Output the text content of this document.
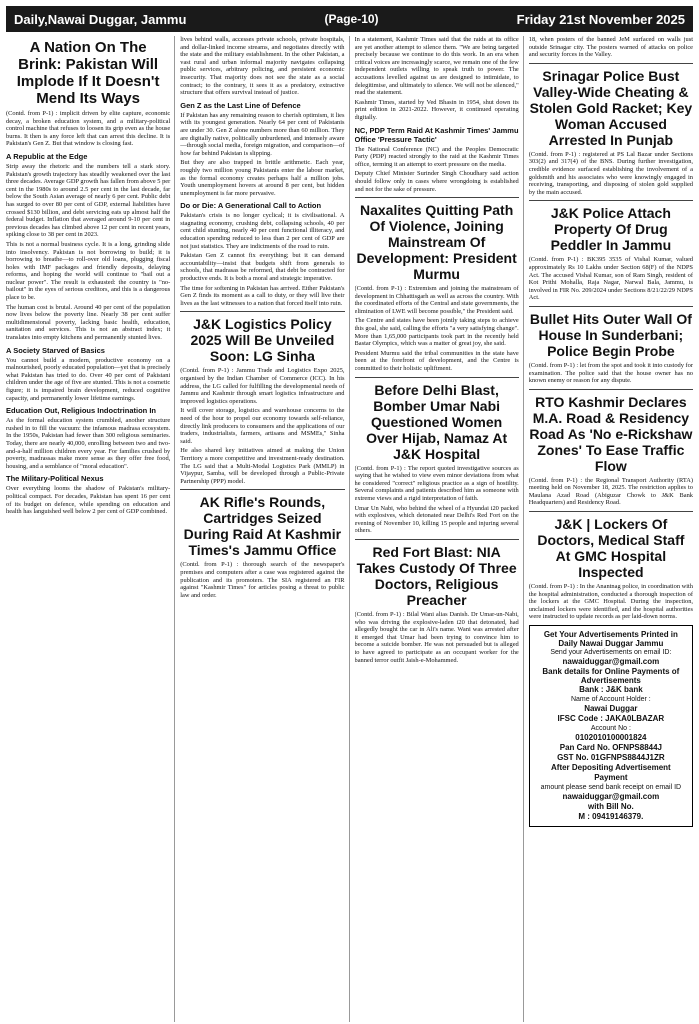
Daily,Nawai Duggar, Jammu	(Page-10)	Friday 21st November 2025
A Nation On The Brink: Pakistan Will Implode If It Doesn't Mend Its Ways

(Contd. from P-1) : implicit driven by elite capture, economic decay, a broken education system, and a military-political control machine that refuses to loosen its grip even as the house burns. It then is any force left that can arrest this decline. It is Pakistan's Gen Z. But that window is closing fast.

A Republic at the Edge

Strip away the rhetoric and the numbers tell a stark story. Pakistan's growth trajectory has steadily weakened over the last three decades. Average GDP growth has fallen from above 5 per cent in the 1980s to around 2.5 per cent in the last decade, far below the South Asian average of nearly 6 per cent. Public debt has surged to over 80 per cent of GDP, external liabilities have crossed $130 billion, and debt servicing eats up almost half the federal budget. Inflation that averaged around 9-10 per cent in previous decades has climbed above 12 per cent in recent years, spiking close to 38 per cent in 2023.

This is not a normal business cycle. It is a long, grinding slide into insolvency. Pakistan is not borrowing to build; it is borrowing to breathe—to roll-over old loans, plugging fiscal holes with IMF packages and friendly deposits, delaying reforms, and hoping the world will continue to "bail out a nuclear power". The result is exhausted: the country is "no-bailout" in the eyes of serious creditors, and this is a dangerous place to be.

The human cost is brutal. Around 40 per cent of the population now lives below the poverty line. Nearly 38 per cent suffer multidimensional poverty, lacking basic health, education, sanitation and services. This is not an abstract index; it translates into empty kitchens and permanently stunted lives.

A Society Starved of Basics

You cannot build a modern, productive economy on a malnourished, poorly educated population—yet that is precisely what Pakistan has tried to do. Over 40 per cent of Pakistani children under the age of five are stunted. This is not a cosmetic figure; it is impaired brain development, reduced cognitive capacity, and permanently lower lifetime earnings.

Education Out, Religious Indoctrination In

As the formal education system crumbled, another structure rushed in to fill the vacuum: the infamous madrasa ecosystem. In the 1950s, Pakistan had fewer than 300 religious seminaries. Today, there are nearly 40,000, enrolling between two and two-and-a-half million children every year. For families crushed by poverty, madrassas make more sense as they offer free food, housing, and a semblance of "moral education".

The Military-Political Nexus

Over everything looms the shadow of Pakistan's military-political compact. For decades, Pakistan has spent 16 per cent of its budget on defence, while spending on education and health has languished well below 2 per cent of GDP combined.

lives behind walls, accesses private schools, private hospitals, and dollar-linked income streams, and negotiates directly with the state and the military establishment. In the other Pakistan, a vast rural and urban informal majority navigates collapsing public services, arbitrary policing, and persistent economic insecurity. That majority does not see the state as a social contract; to the contrary, it sees it as a predatory, extractive structure that offers survival instead of justice.

Gen Z as the Last Line of Defence

If Pakistan has any remaining reason to cherish optimism, it lies with its youngest generation. Nearly 64 per cent of Pakistanis are under 30. Gen Z alone numbers more than 60 million. They are digitally native, politically unburdened, and intensely aware—through social media, foreign migration, and comparison—of how far behind Pakistan is slipping.

But they are also trapped in brittle arithmetic. Each year, roughly two million young Pakistanis enter the labour market, as the formal economy creates perhaps half a million jobs. Youth unemployment hovers at around 8 per cent, but hidden unemployment is far more pervasive.

Do or Die: A Generational Call to Action

Pakistan's crisis is no longer cyclical; it is civilisational. A stagnating economy, crushing debt, collapsing schools, 40 per cent child stunting, nearly 40 per cent functional illiteracy, and education spending reduced to less than 2 per cent of GDP are not just statistics. They are indictments of the road to ruin.

Pakistan Gen Z cannot fix everything; but it can demand accountability—insist that budgets shift from generals to schools, that madrasas be reformed, that debt be contracted for productive ends. It is both a moral and strategic imperative.

The time for softening in Pakistan has arrived. Either Pakistan's Gen Z finds its moment as a call to duty, or they will live their lives as the last witnesses to a nation that forced itself into ruin.

J&K Logistics Policy 2025 Will Be Unveiled Soon: LG Sinha

(Contd. from P-1) : Jammu Trade and Logistics Expo 2025, organised by the Indian Chamber of Commerce (ICC). In his address, the LG called for fulfilling the developmental needs of Jammu and Kashmir through smart logistics infrastructure and improved logistics operations.

It will cover storage, logistics and warehouse concerns to the need of the hour to propel our economy towards self-reliance, directly link producers to consumers and the applications of our traders, industrialists, farmers, artisans and MSMEs," Sinha said.

He also shared key initiatives aimed at making the Union Territory a more competitive and investment-ready destination. The LG said that a Multi-Modal Logistics Park (MMLP) in Vijaypur, Samba, will be developed through a Public-Private Partnership (PPP) model.

AK Rifle's Rounds, Cartridges Seized During Raid At Kashmir Times's Jammu Office

(Contd. from P-1) : thorough search of the newspaper's premises and computers after a case was registered against the publication and its promoters. The SIA registered an FIR against "Kashmir Times" for articles posing a threat to public law and order.

In a statement, Kashmir Times said that the raids at its office are yet another attempt to silence them. "We are being targeted precisely because we continue to do this work. In an era when critical voices are increasingly scarce, we remain one of the few independent outlets willing to speak truth to power. The accusations levelled against us are designed to intimidate, to delegitimise, and ultimately to silence. We will not be silenced," read the statement.

Kashmir Times, started by Ved Bhasin in 1954, shut down its print edition in 2021-2022. However, it continued operating digitally.

NC, PDP Term Raid At Kashmir Times' Jammu Office 'Pressure Tactic'

The National Conference (NC) and the Peoples Democratic Party (PDP) reacted strongly to the raid at the Kashmir Times office, terming it an attempt to exert pressure on the media.

Deputy Chief Minister Surinder Singh Choudhary said action should follow only in cases where wrongdoing is established and not for the sake of pressure.

Naxalites Quitting Path Of Violence, Joining Mainstream Of Development: President Murmu

(Contd. from P-1) : Extremism and joining the mainstream of development in Chhattisgarh as well as across the country. With the coordinated efforts of the Central and state governments, the elimination of LWE will become possible," the President said.

The Centre and states have been jointly taking steps to achieve this goal, she said, calling the efforts "a very satisfying change". More than 1,65,000 participants took part in the recently held Bastar Olympics, which was a matter of great joy, she said.

President Murmu said the tribal communities in the state have been at the forefront of development, and the Centre is committed to their holistic upliftment.

Before Delhi Blast, Bomber Umar Nabi Questioned Women Over Hijab, Namaz At J&K Hospital

(Contd. from P-1) : The report quoted investigative sources as saying that he wished to view even minor deviations from what he considered "correct" religious practice as a sign of hostility. Several complaints and patients described him as someone with extreme views and a rigid interpretation of faith.

Umar Un Nabi, who behind the wheel of a Hyundai i20 packed with explosives, which detonated near Delhi's Red Fort on the evening of November 10, killing 15 people and injuring several others.

Red Fort Blast: NIA Takes Custody Of Three Doctors, Religious Preacher

(Contd. from P-1) : Bilal Wani alias Danish. Dr Umar-un-Nabi, who was driving the explosive-laden i20 that detonated, had allegedly bought the car in Ali's name. Wani was arrested after it emerged that Umar had been trying to convince him to become a suicide bomber. He was not persuaded but is alleged to have agreed to participate as an occupant worker for the banned terror outfit Jaish-e-Mohammed.

18, when posters of the banned JeM surfaced on walls just outside Srinagar city. The posters warned of attacks on police and security forces in the Valley.

Srinagar Police Bust Valley-Wide Cheating & Stolen Gold Racket; Key Woman Accused Arrested In Punjab

(Contd. from P-1) : registered at PS Lal Bazar under Sections 303(2) and 317(4) of the BNS. During further investigation, credible evidence surfaced establishing the involvement of a goldsmith and his associates who were knowingly engaged in receiving, transporting, and disposing of stolen gold supplied by the main accused.

J&K Police Attach Property Of Drug Peddler In Jammu

(Contd. from P-1) : BK395 3535 of Vishal Kumar, valued approximately Rs 10 Lakhs under Section 68(F) of the NDPS Act. The accused Vishal Kumar, son of Ram Singh, resident of Kot Prithi Mohalla, Raja Nagar, Narwal Bala, Jammu, is involved in FIR No. 209/2024 under Sections 8/21/22/29 NDPS Act.

Bullet Hits Outer Wall Of House In Sunderbani; Police Begin Probe

(Contd. from P-1) : let from the spot and took it into custody for examination. The police said that the house owner has no known enemy or reason for any dispute.

RTO Kashmir Declares M.A. Road & Residency Road As 'No e-Rickshaw Zones' To Ease Traffic Flow

(Contd. from P-1) : the Regional Transport Authority (RTA) meeting held on November 18, 2025. The restriction applies to Maulana Azad Road (Abiguzar Chowk to J&K Bank Headquarters) and Residency Road.

J&K | Lockers Of Doctors, Medical Staff At GMC Hospital Inspected

(Contd. from P-1) : In the Anantnag police, in coordination with the hospital administration, conducted a thorough inspection of the lockers at the GMC Hospital. During the inspection, unclaimed lockers were identified, and the hospital authorities were instructed to update records as per laid-down norms.

Get Your Advertisements Printed in
Daily Nawai Duggar Jammu
Send your Advertisements on email ID:
nawaiduggar@gmail.com
Bank details for Online Payments of Advertisements
Bank : J&K bank
Name of Account Holder :
Nawai Duggar
IFSC Code : JAKA0LBAZAR
Account No :
0102010100001824
Pan Card No. OFNPS8844J
GST No. 01GFNPS8844J1ZR
After Depositing Advertisement Payment
amount please send bank receipt on email ID
nawaiduggar@gmail.com
with Bill No.
M : 09419146379.
